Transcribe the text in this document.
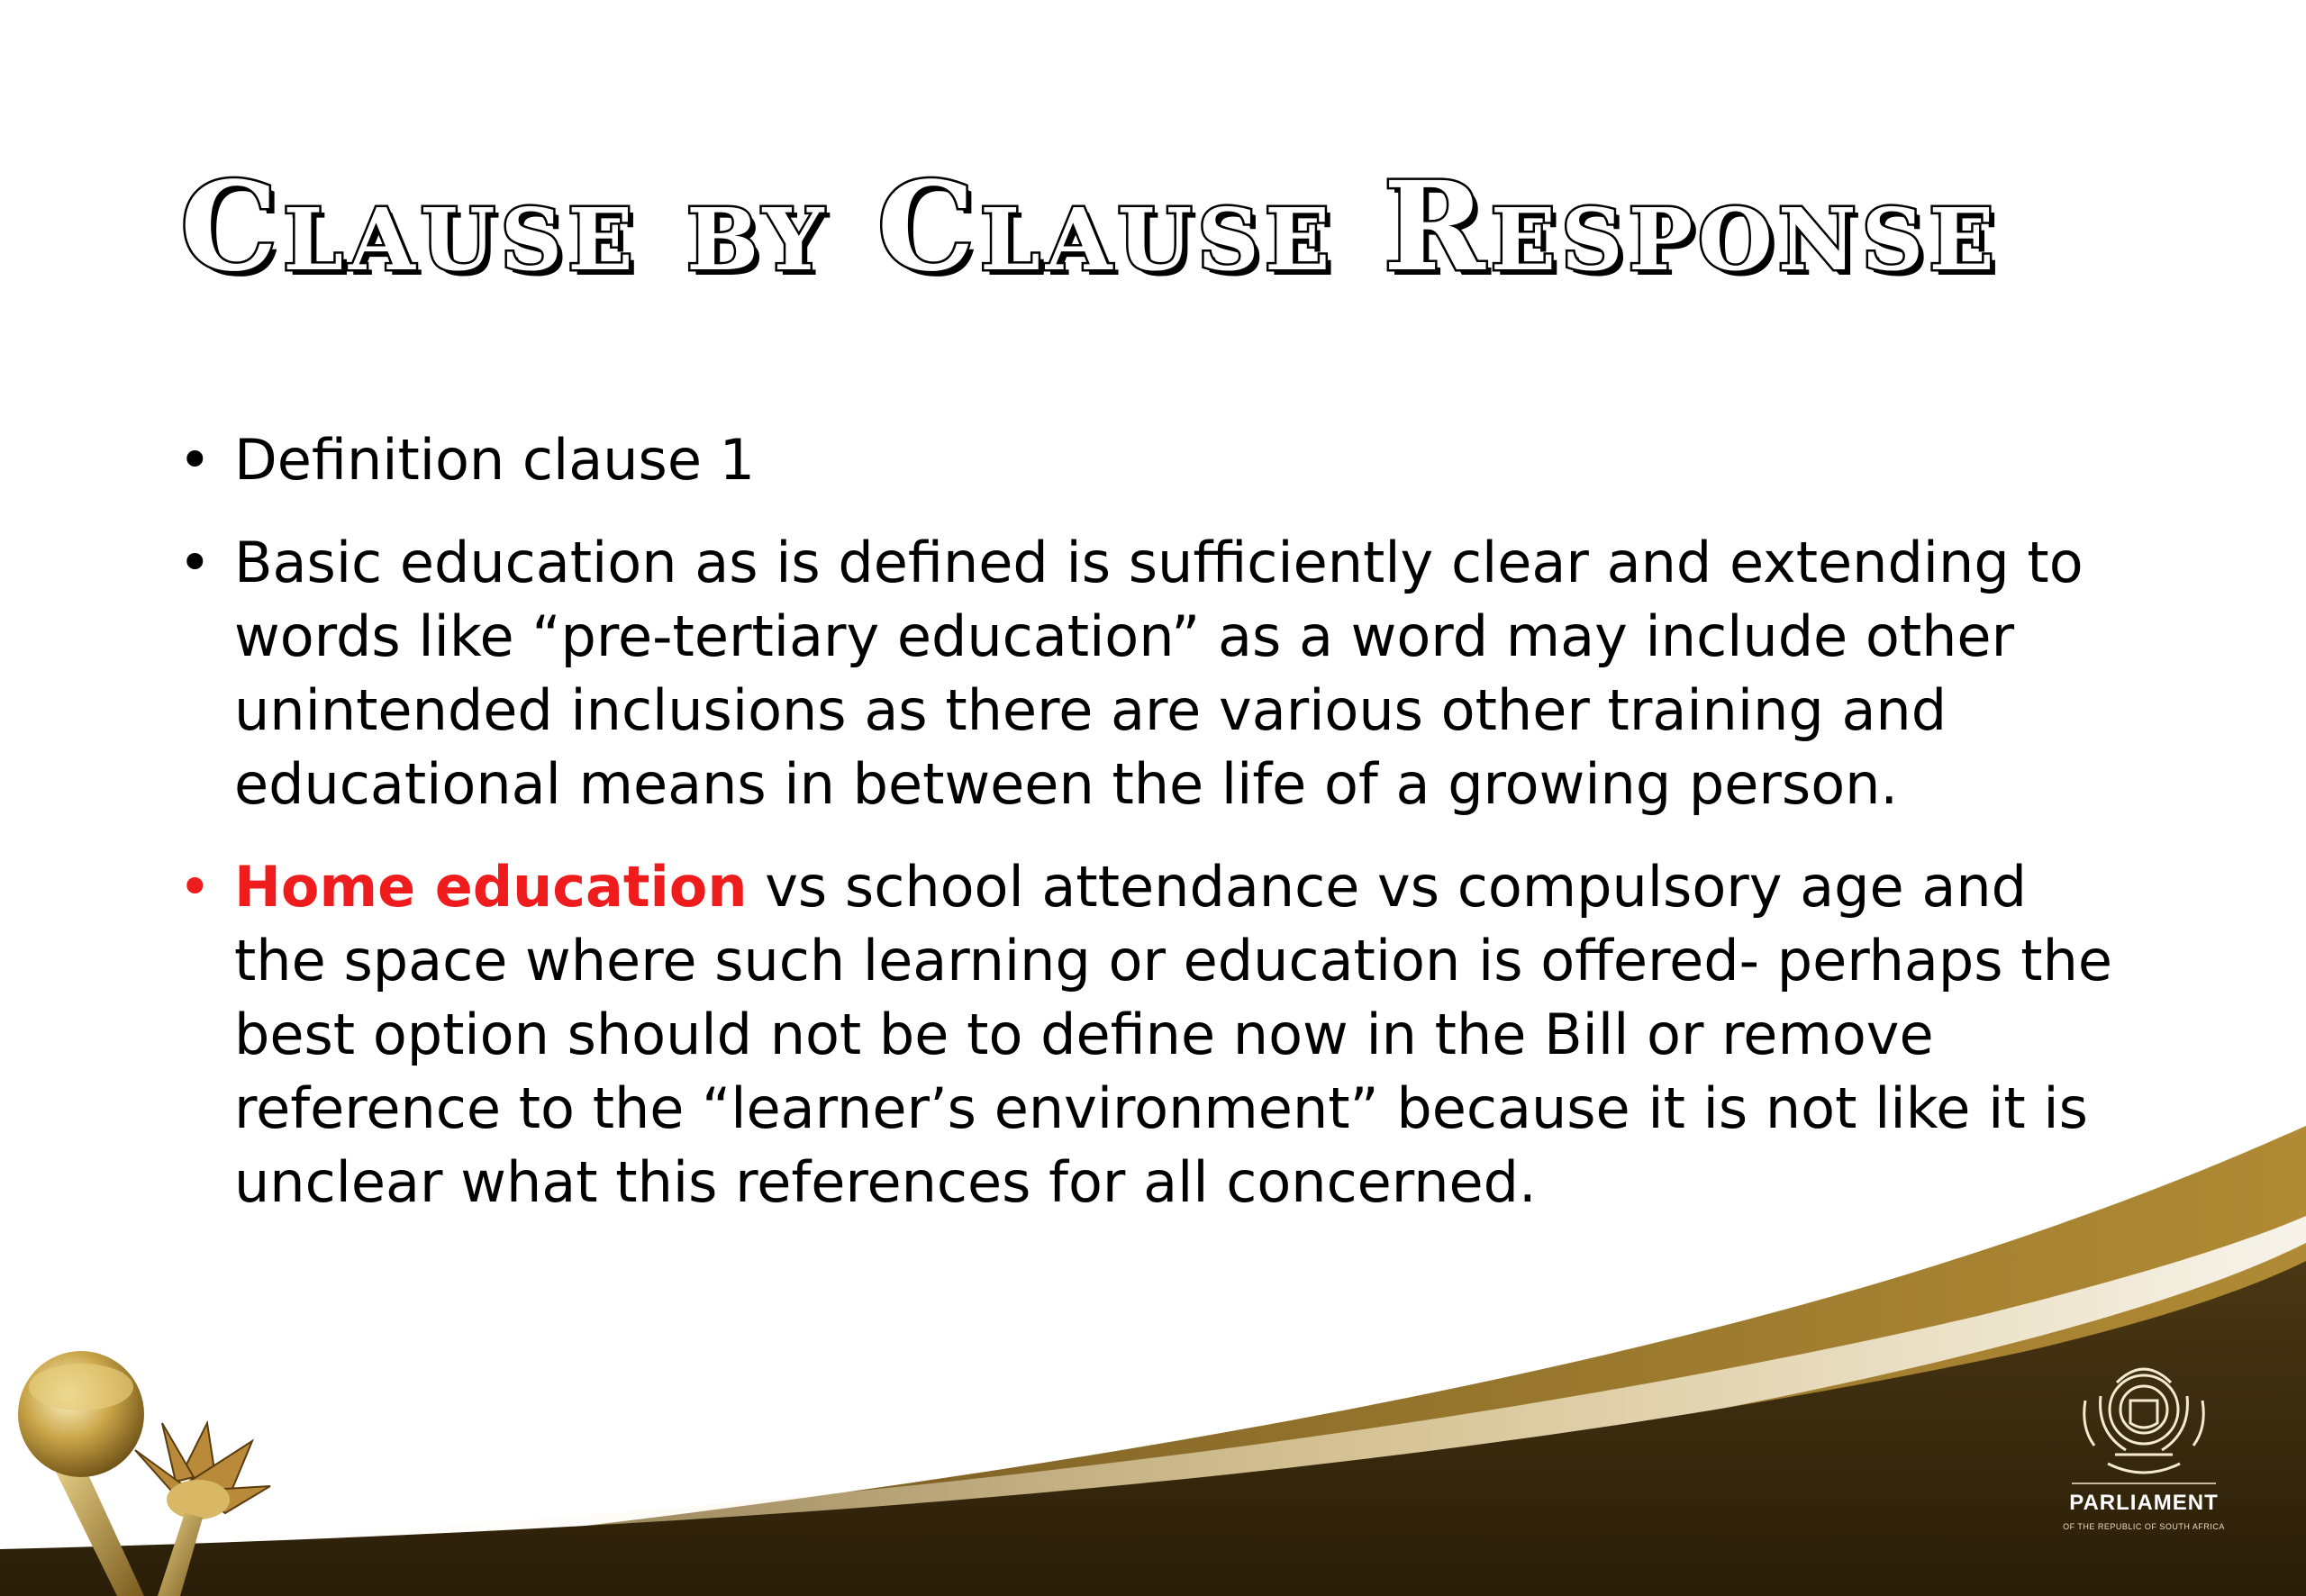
Clause by Clause Response
• Definition clause 1
• Basic education as is defined is sufficiently clear and extending to words like “pre-tertiary education” as a word may include other unintended inclusions as there are various other training and educational means in between the life of a growing person.
• Home education vs school attendance vs compulsory age and the space where such learning or education is offered- perhaps the best option should not be to define now in the Bill or remove reference to the “learner’s environment” because it is not like it is unclear what this references for all concerned.
PARLIAMENT
OF THE REPUBLIC OF SOUTH AFRICA
